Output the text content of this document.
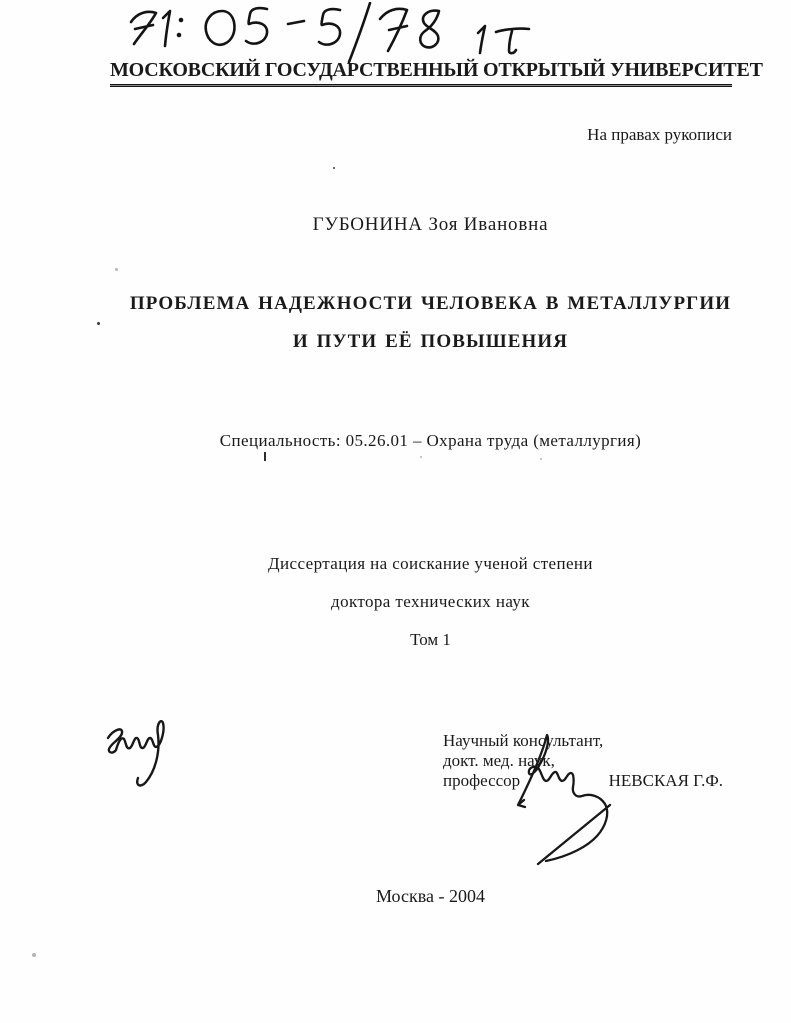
МОСКОВСКИЙ ГОСУДАРСТВЕННЫЙ ОТКРЫТЫЙ УНИВЕРСИТЕТ
На правах рукописи
ГУБОНИНА Зоя Ивановна
ПРОБЛЕМА НАДЕЖНОСТИ ЧЕЛОВЕКА В МЕТАЛЛУРГИИ
И ПУТИ ЕЁ ПОВЫШЕНИЯ
Специальность: 05.26.01 – Охрана труда (металлургия)
Диссертация на соискание ученой степени
доктора технических наук
Том 1
Научный консультант,
докт. мед. наук,
профессор	НЕВСКАЯ Г.Ф.
Москва - 2004
